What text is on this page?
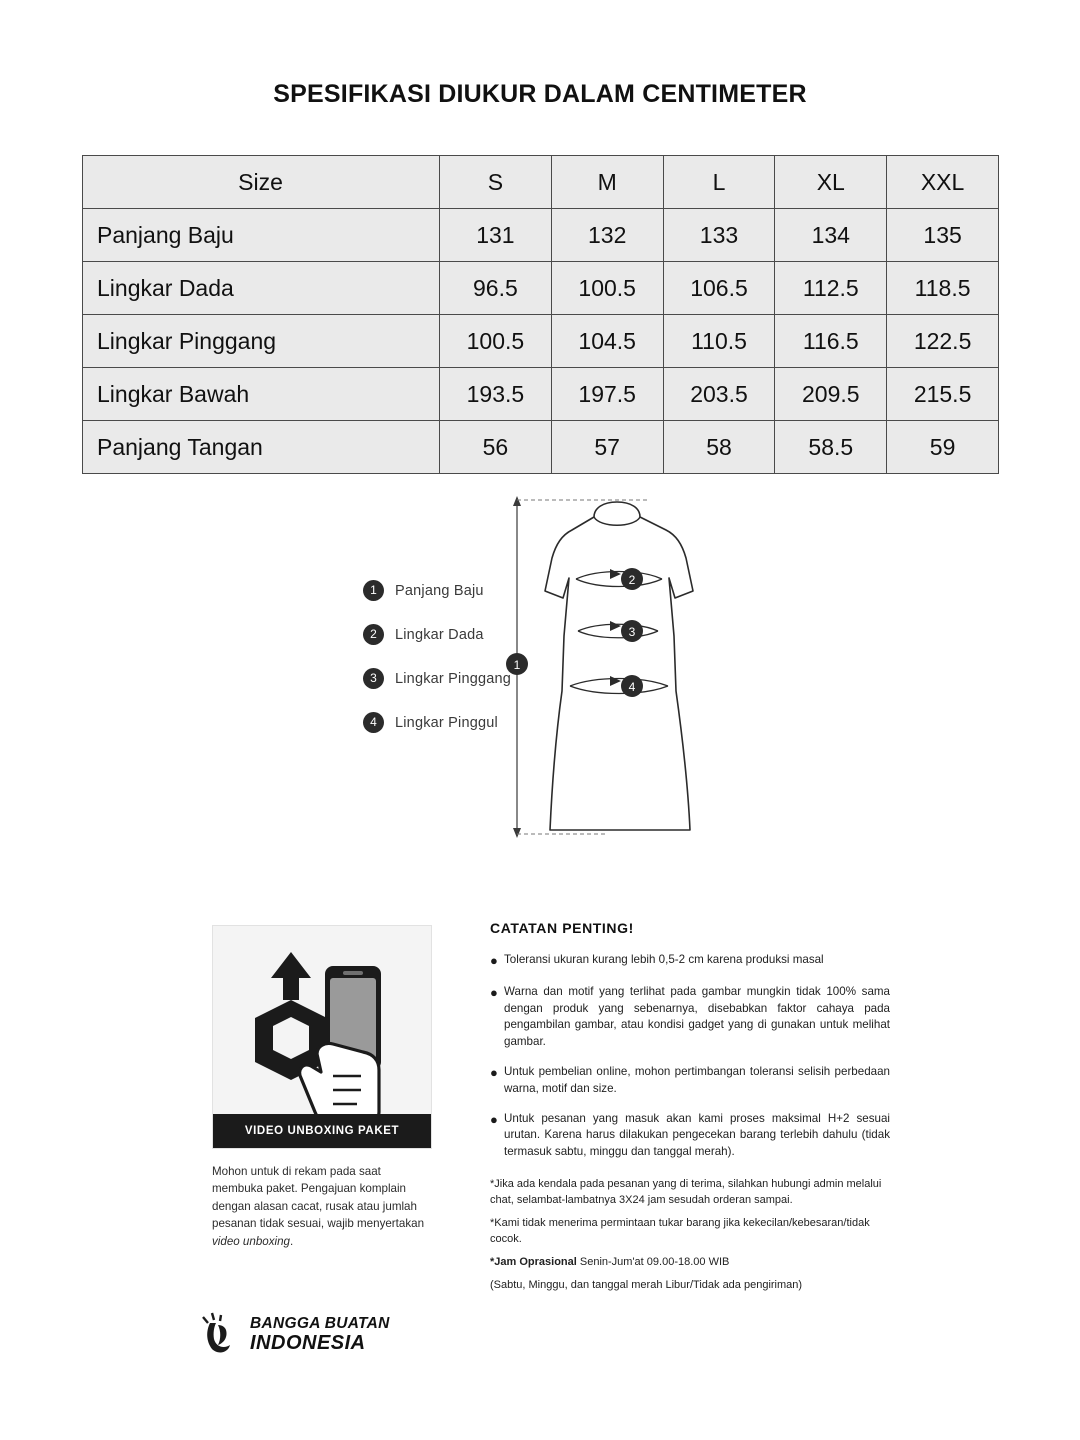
SPESIFIKASI DIUKUR DALAM CENTIMETER
Size	S	M	L	XL	XXL
Panjang Baju	131	132	133	134	135
Lingkar Dada	96.5	100.5	106.5	112.5	118.5
Lingkar Pinggang	100.5	104.5	110.5	116.5	122.5
Lingkar Bawah	193.5	197.5	203.5	209.5	215.5
Panjang Tangan	56	57	58	58.5	59
1	Panjang Baju
2	Lingkar Dada
3	Lingkar Pinggang
4	Lingkar Pinggul
1
2
3
4
VIDEO UNBOXING PAKET
Mohon untuk di rekam pada saat membuka paket. Pengajuan komplain dengan alasan cacat, rusak atau jumlah pesanan tidak sesuai, wajib menyertakan video unboxing.
CATATAN PENTING!
● Toleransi ukuran kurang lebih 0,5-2 cm karena produksi masal
● Warna dan motif yang terlihat pada gambar mungkin tidak 100% sama dengan produk yang sebenarnya, disebabkan faktor cahaya pada pengambilan gambar, atau kondisi gadget yang di gunakan untuk melihat gambar.
● Untuk pembelian online, mohon pertimbangan toleransi selisih perbedaan warna, motif dan size.
● Untuk pesanan yang masuk akan kami proses maksimal H+2 sesuai urutan. Karena harus dilakukan pengecekan barang terlebih dahulu (tidak termasuk sabtu, minggu dan tanggal merah).
*Jika ada kendala pada pesanan yang di terima, silahkan hubungi admin melalui chat, selambat-lambatnya 3X24 jam sesudah orderan sampai.
*Kami tidak menerima permintaan tukar barang jika kekecilan/kebesaran/tidak cocok.
*Jam Oprasional Senin-Jum'at 09.00-18.00 WIB
(Sabtu, Minggu, dan tanggal merah Libur/Tidak ada pengiriman)
BANGGA BUATAN
INDONESIA
